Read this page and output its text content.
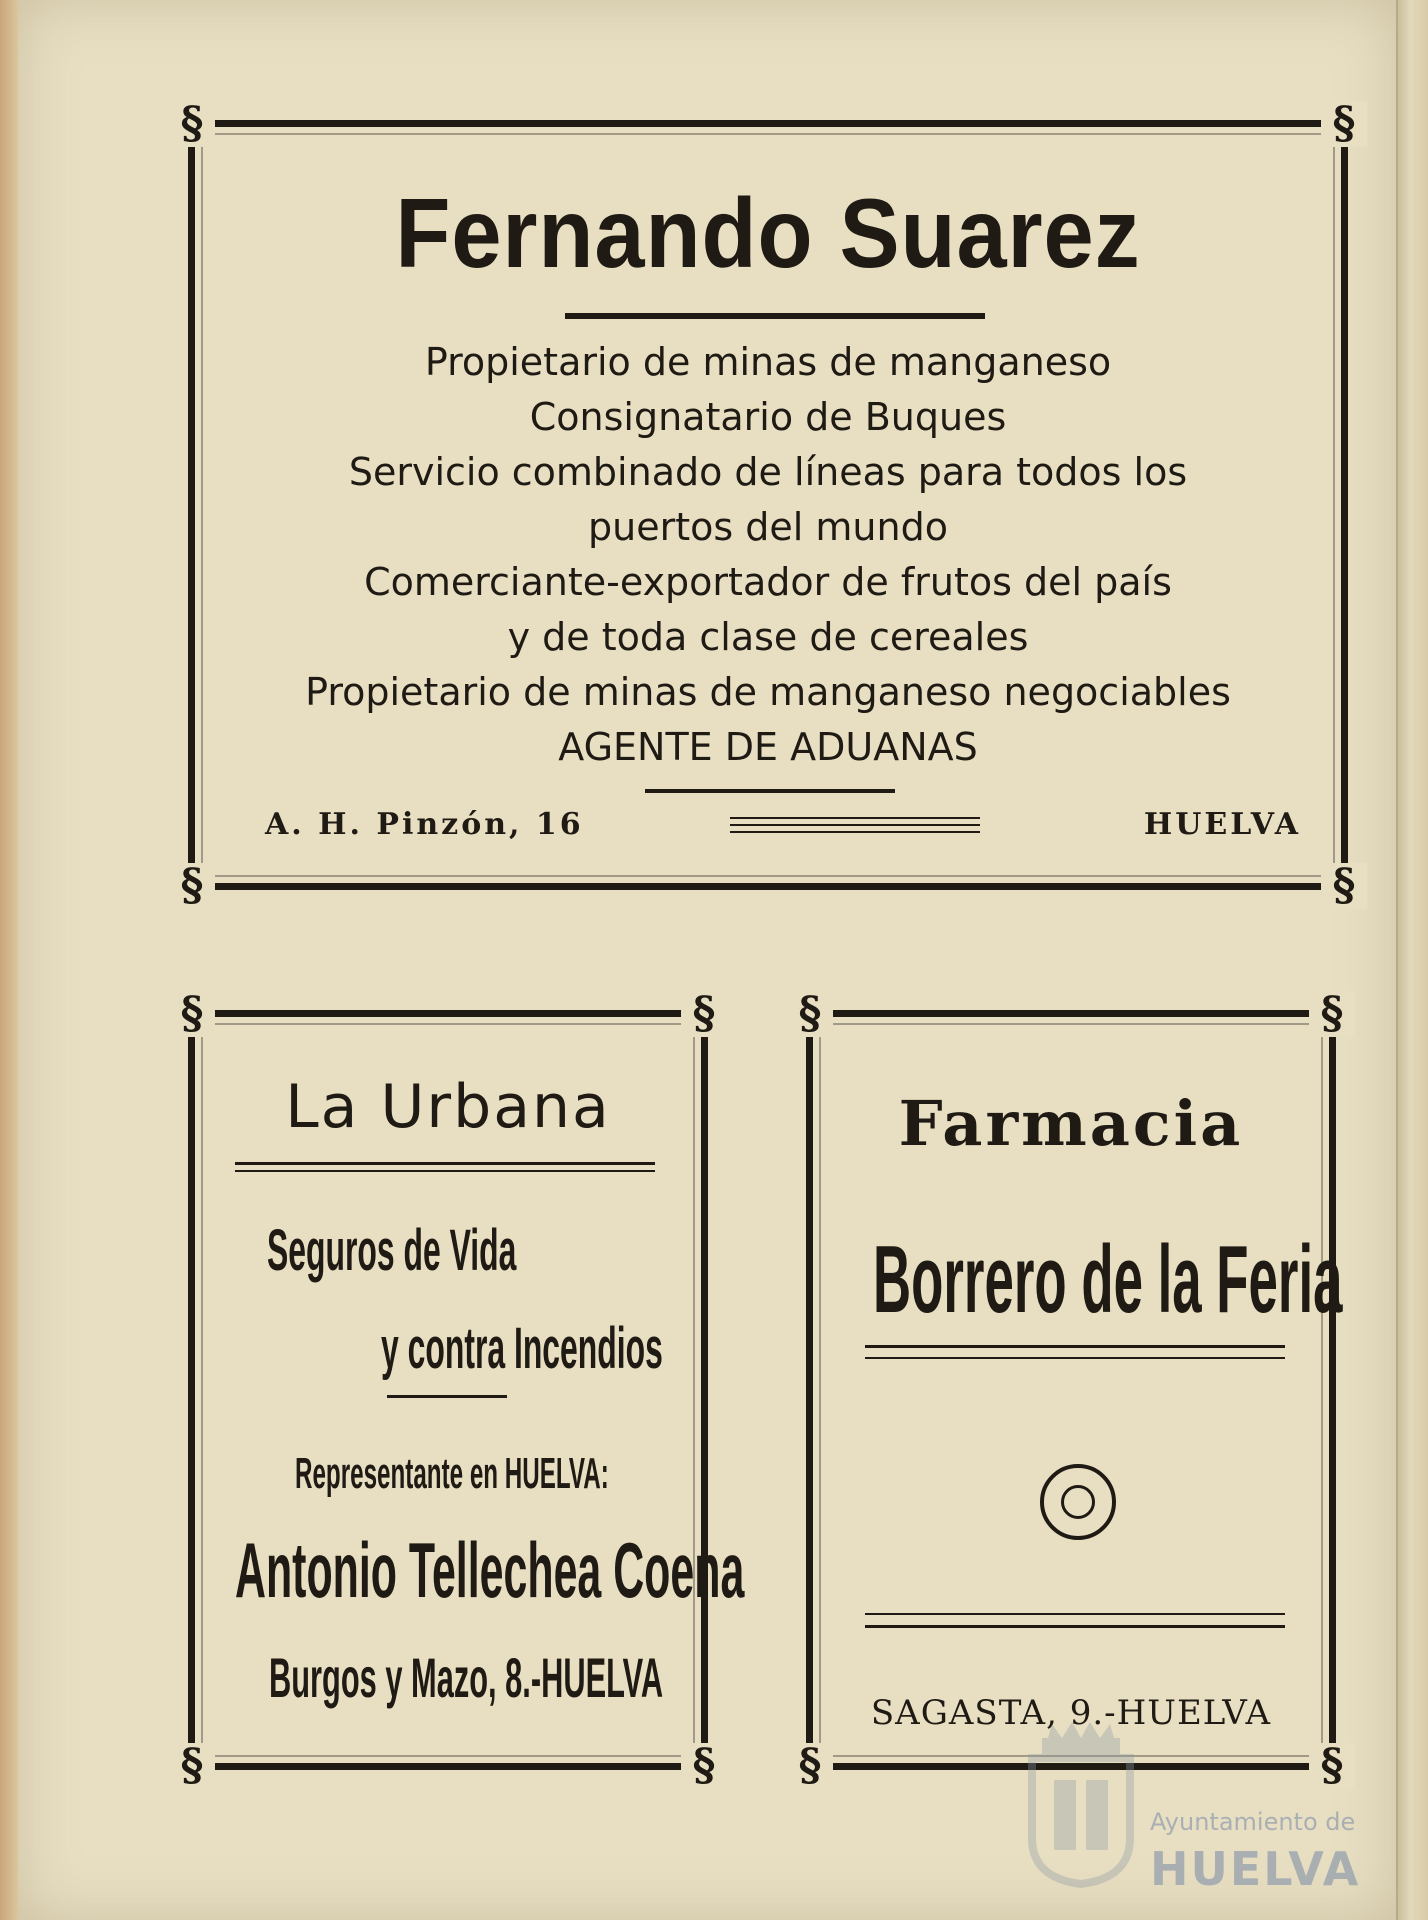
§	§
§	§
Fernando Suarez
Propietario de minas de manganeso
Consignatario de Buques
Servicio combinado de líneas para todos los
puertos del mundo
Comerciante-exportador de frutos del país
y de toda clase de cereales
Propietario de minas de manganeso negociables
AGENTE DE ADUANAS
A. H. Pinzón, 16	HUELVA
§	§
§	§
La Urbana
Seguros de Vida
y contra Incendios
Representante en HUELVA:
Antonio Tellechea Coena
Burgos y Mazo, 8.-HUELVA
§	§
§	§
Farmacia
Borrero de la Feria
SAGASTA, 9.-HUELVA
Ayuntamiento de
HUELVA
